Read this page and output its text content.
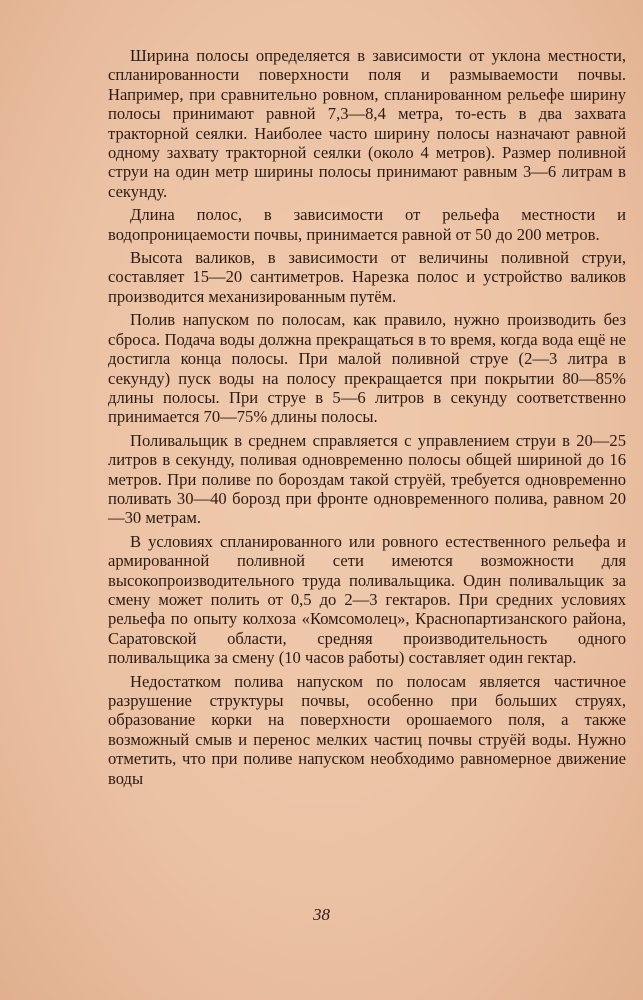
Ширина полосы определяется в зависимости от уклона местности, спланированности поверхности поля и размываемости почвы. Например, при сравнительно ровном, спланированном рельефе ширину полосы принимают равной 7,3—8,4 метра, то-есть в два захвата тракторной сеялки. Наиболее часто ширину полосы назначают равной одному захвату тракторной сеялки (около 4 метров). Размер поливной струи на один метр ширины полосы принимают равным 3—6 литрам в секунду.

Длина полос, в зависимости от рельефа местности и водопроницаемости почвы, принимается равной от 50 до 200 метров.

Высота валиков, в зависимости от величины поливной струи, составляет 15—20 сантиметров. Нарезка полос и устройство валиков производится механизированным путём.

Полив напуском по полосам, как правило, нужно производить без сброса. Подача воды должна прекращаться в то время, когда вода ещё не достигла конца полосы. При малой поливной струе (2—3 литра в секунду) пуск воды на полосу прекращается при покрытии 80—85% длины полосы. При струе в 5—6 литров в секунду соответственно принимается 70—75% длины полосы.

Поливальщик в среднем справляется с управлением струи в 20—25 литров в секунду, поливая одновременно полосы общей шириной до 16 метров. При поливе по бороздам такой струёй, требуется одновременно поливать 30—40 борозд при фронте одновременного полива, равном 20—30 метрам.

В условиях спланированного или ровного естественного рельефа и армированной поливной сети имеются возможности для высокопроизводительного труда поливальщика. Один поливальщик за смену может полить от 0,5 до 2—3 гектаров. При средних условиях рельефа по опыту колхоза «Комсомолец», Краснопартизанского района, Саратовской области, средняя производительность одного поливальщика за смену (10 часов работы) составляет один гектар.

Недостатком полива напуском по полосам является частичное разрушение структуры почвы, особенно при больших струях, образование корки на поверхности орошаемого поля, а также возможный смыв и перенос мелких частиц почвы струёй воды. Нужно отметить, что при поливе напуском необходимо равномерное движение воды

38
